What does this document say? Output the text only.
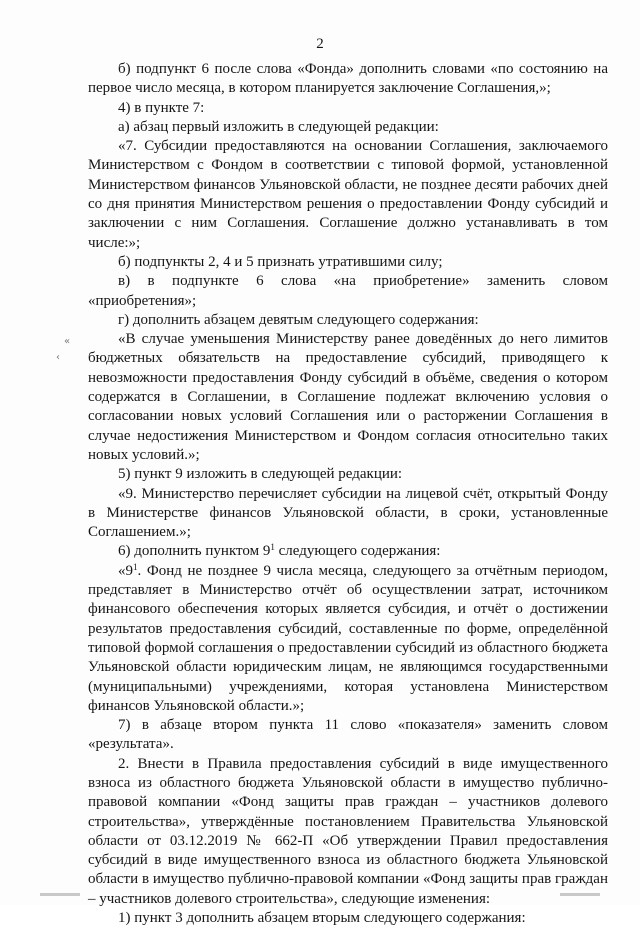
2
«
‹

б) подпункт 6 после слова «Фонда» дополнить словами «по состоянию на первое число месяца, в котором планируется заключение Соглашения,»;

4) в пункте 7:

а) абзац первый изложить в следующей редакции:

«7. Субсидии предоставляются на основании Соглашения, заключаемого Министерством с Фондом в соответствии с типовой формой, установленной Министерством финансов Ульяновской области, не позднее десяти рабочих дней со дня принятия Министерством решения о предоставлении Фонду субсидий и заключении с ним Соглашения. Соглашение должно устанавливать в том числе:»;

б) подпункты 2, 4 и 5 признать утратившими силу;

в) в подпункте 6 слова «на приобретение» заменить словом «приобретения»;

г) дополнить абзацем девятым следующего содержания:

«В случае уменьшения Министерству ранее доведённых до него лимитов бюджетных обязательств на предоставление субсидий, приводящего к невозможности предоставления Фонду субсидий в объёме, сведения о котором содержатся в Соглашении, в Соглашение подлежат включению условия о согласовании новых условий Соглашения или о расторжении Соглашения в случае недостижения Министерством и Фондом согласия относительно таких новых условий.»;

5) пункт 9 изложить в следующей редакции:

«9. Министерство перечисляет субсидии на лицевой счёт, открытый Фонду в Министерстве финансов Ульяновской области, в сроки, установленные Соглашением.»;

6) дополнить пунктом $9^1$ следующего содержания:

«$9^1$. Фонд не позднее 9 числа месяца, следующего за отчётным периодом, представляет в Министерство отчёт об осуществлении затрат, источником финансового обеспечения которых является субсидия, и отчёт о достижении результатов предоставления субсидий, составленные по форме, определённой типовой формой соглашения о предоставлении субсидий из областного бюджета Ульяновской области юридическим лицам, не являющимся государственными (муниципальными) учреждениями, которая установлена Министерством финансов Ульяновской области.»;

7) в абзаце втором пункта 11 слово «показателя» заменить словом «результата».

2. Внести в Правила предоставления субсидий в виде имущественного взноса из областного бюджета Ульяновской области в имущество публично-правовой компании «Фонд защиты прав граждан – участников долевого строительства», утверждённые постановлением Правительства Ульяновской области от 03.12.2019 № 662-П «Об утверждении Правил предоставления субсидий в виде имущественного взноса из областного бюджета Ульяновской области в имущество публично-правовой компании «Фонд защиты прав граждан – участников долевого строительства», следующие изменения:

1) пункт 3 дополнить абзацем вторым следующего содержания:
